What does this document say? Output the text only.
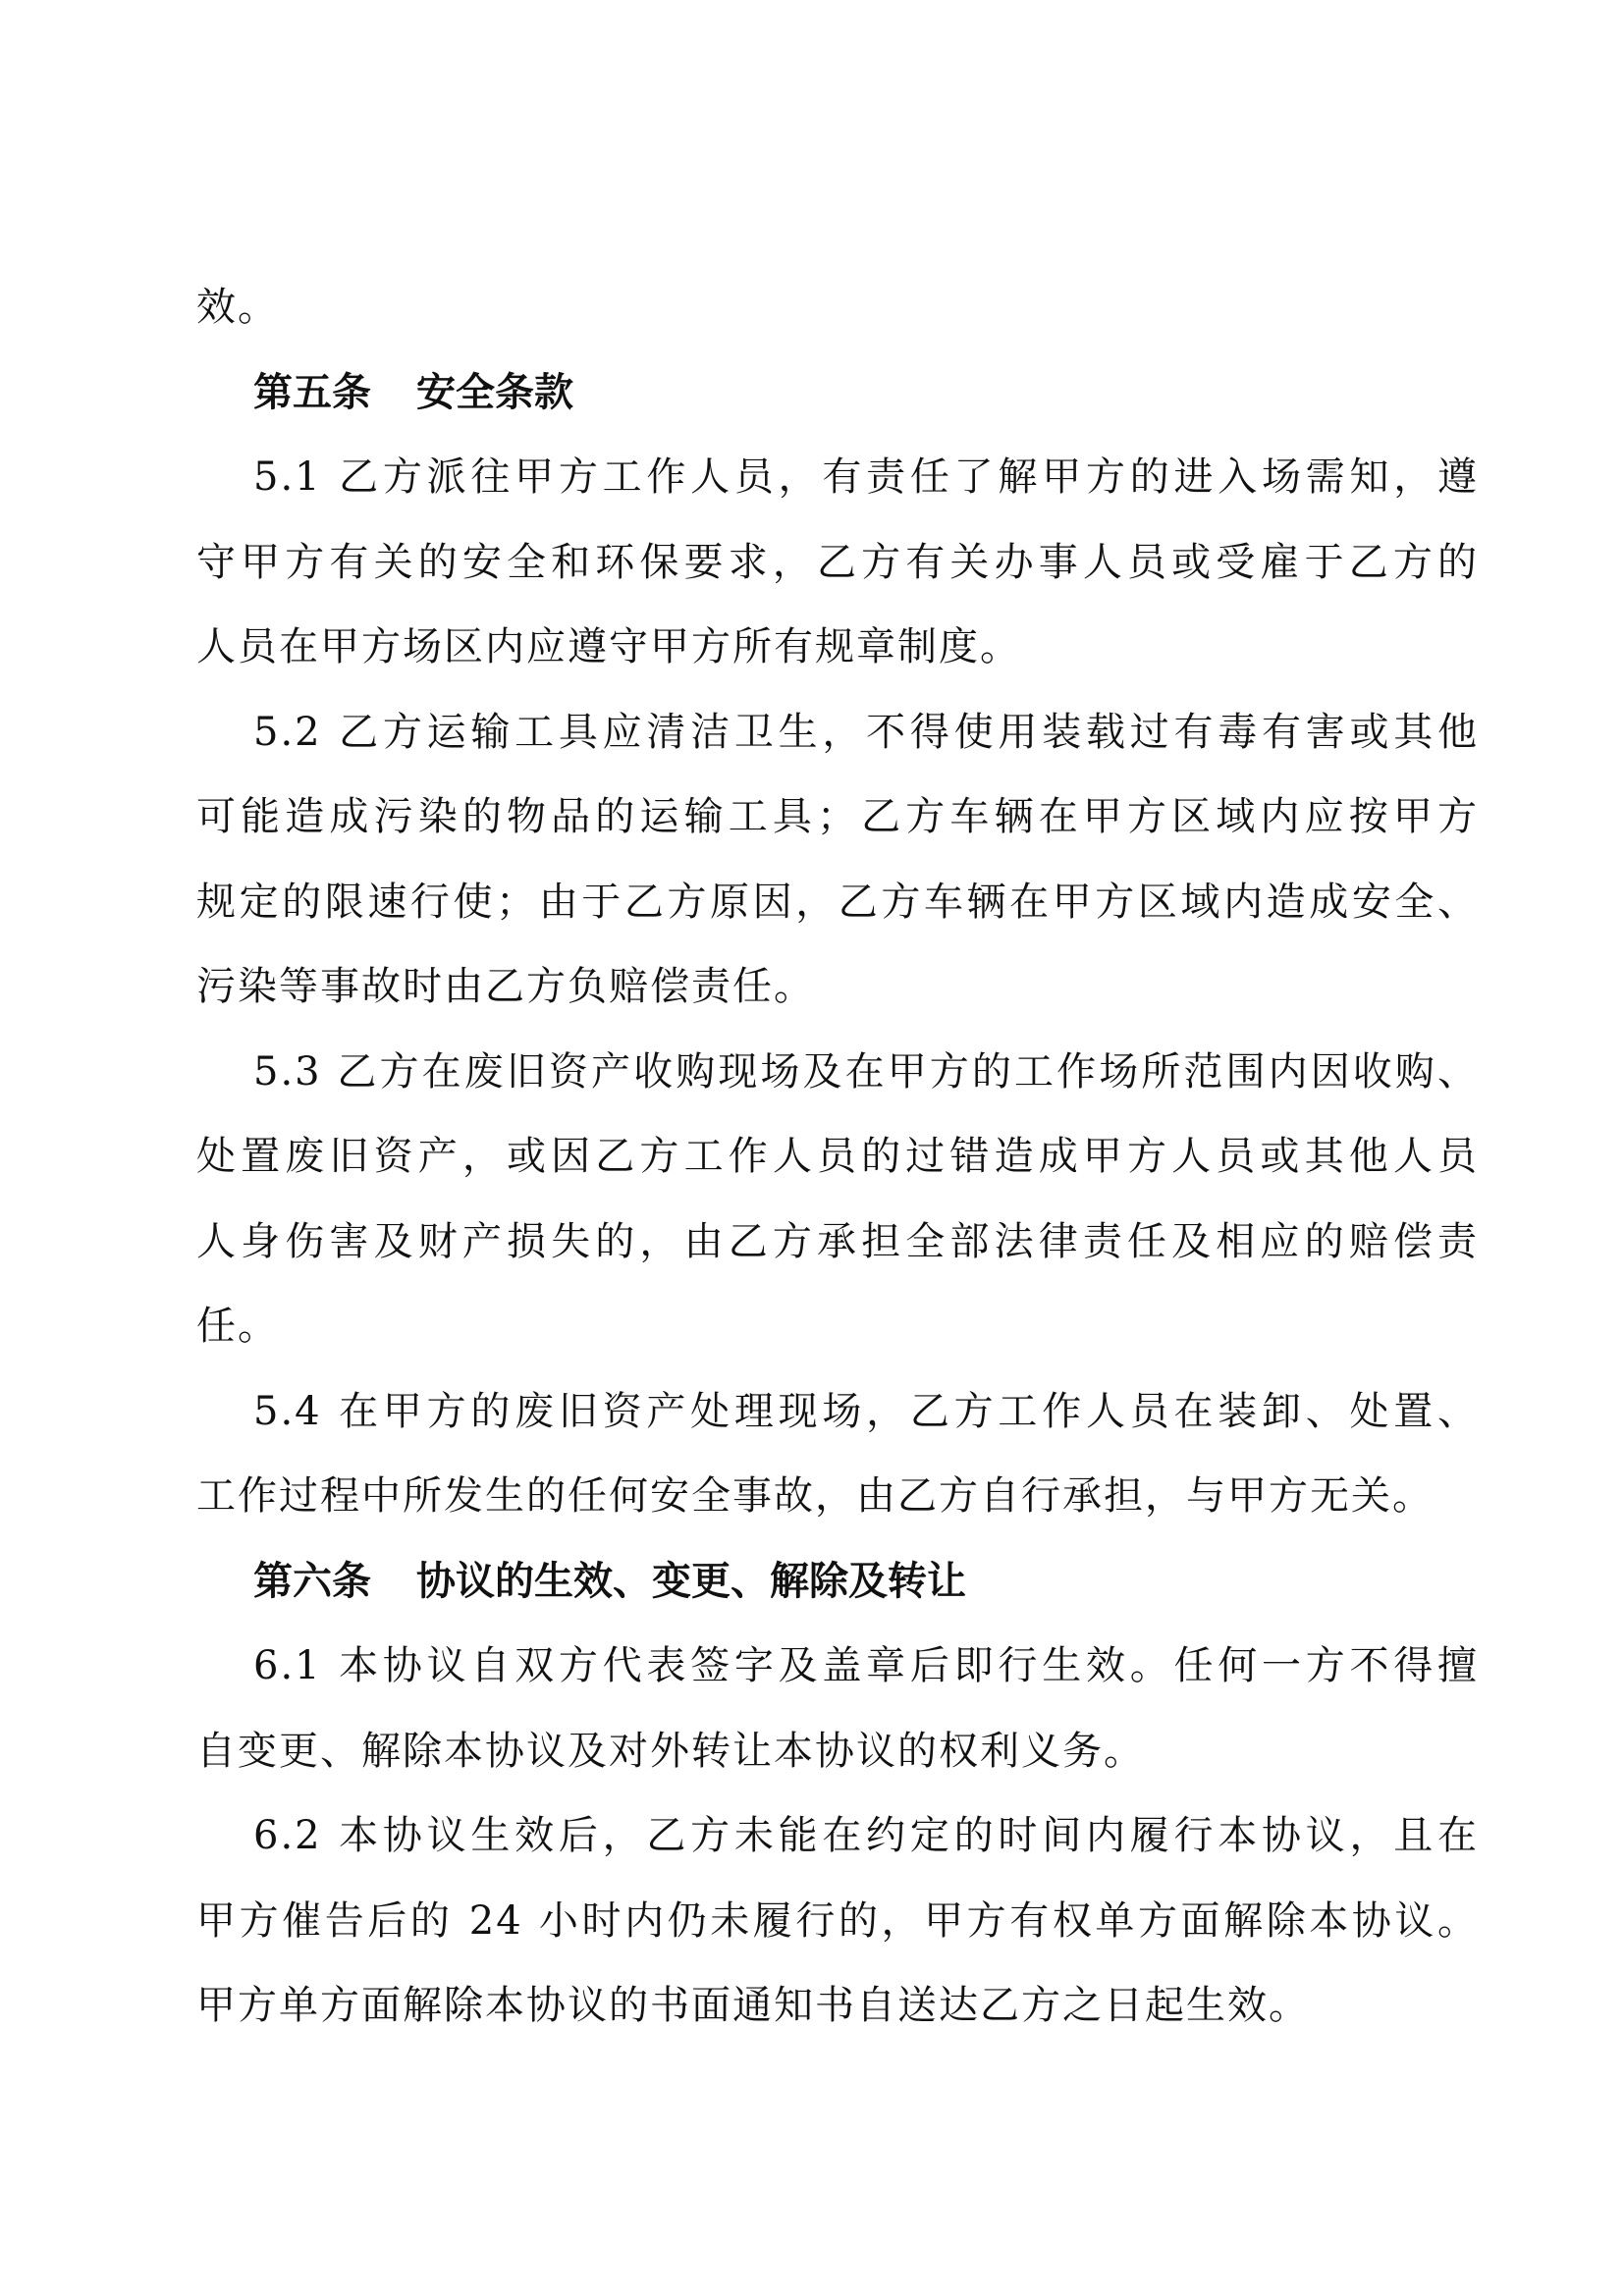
效。
第五条 安全条款
5.1 乙方派往甲方工作人员，有责任了解甲方的进入场需知，遵
守甲方有关的安全和环保要求，乙方有关办事人员或受雇于乙方的
人员在甲方场区内应遵守甲方所有规章制度。
5.2 乙方运输工具应清洁卫生，不得使用装载过有毒有害或其他
可能造成污染的物品的运输工具；乙方车辆在甲方区域内应按甲方
规定的限速行使；由于乙方原因，乙方车辆在甲方区域内造成安全、
污染等事故时由乙方负赔偿责任。
5.3 乙方在废旧资产收购现场及在甲方的工作场所范围内因收购、
处置废旧资产，或因乙方工作人员的过错造成甲方人员或其他人员
人身伤害及财产损失的，由乙方承担全部法律责任及相应的赔偿责
任。
5.4 在甲方的废旧资产处理现场，乙方工作人员在装卸、处置、
工作过程中所发生的任何安全事故，由乙方自行承担，与甲方无关。
第六条 协议的生效、变更、解除及转让
6.1 本协议自双方代表签字及盖章后即行生效。任何一方不得擅
自变更、解除本协议及对外转让本协议的权利义务。
6.2 本协议生效后，乙方未能在约定的时间内履行本协议，且在
甲方催告后的 24 小时内仍未履行的，甲方有权单方面解除本协议。
甲方单方面解除本协议的书面通知书自送达乙方之日起生效。
